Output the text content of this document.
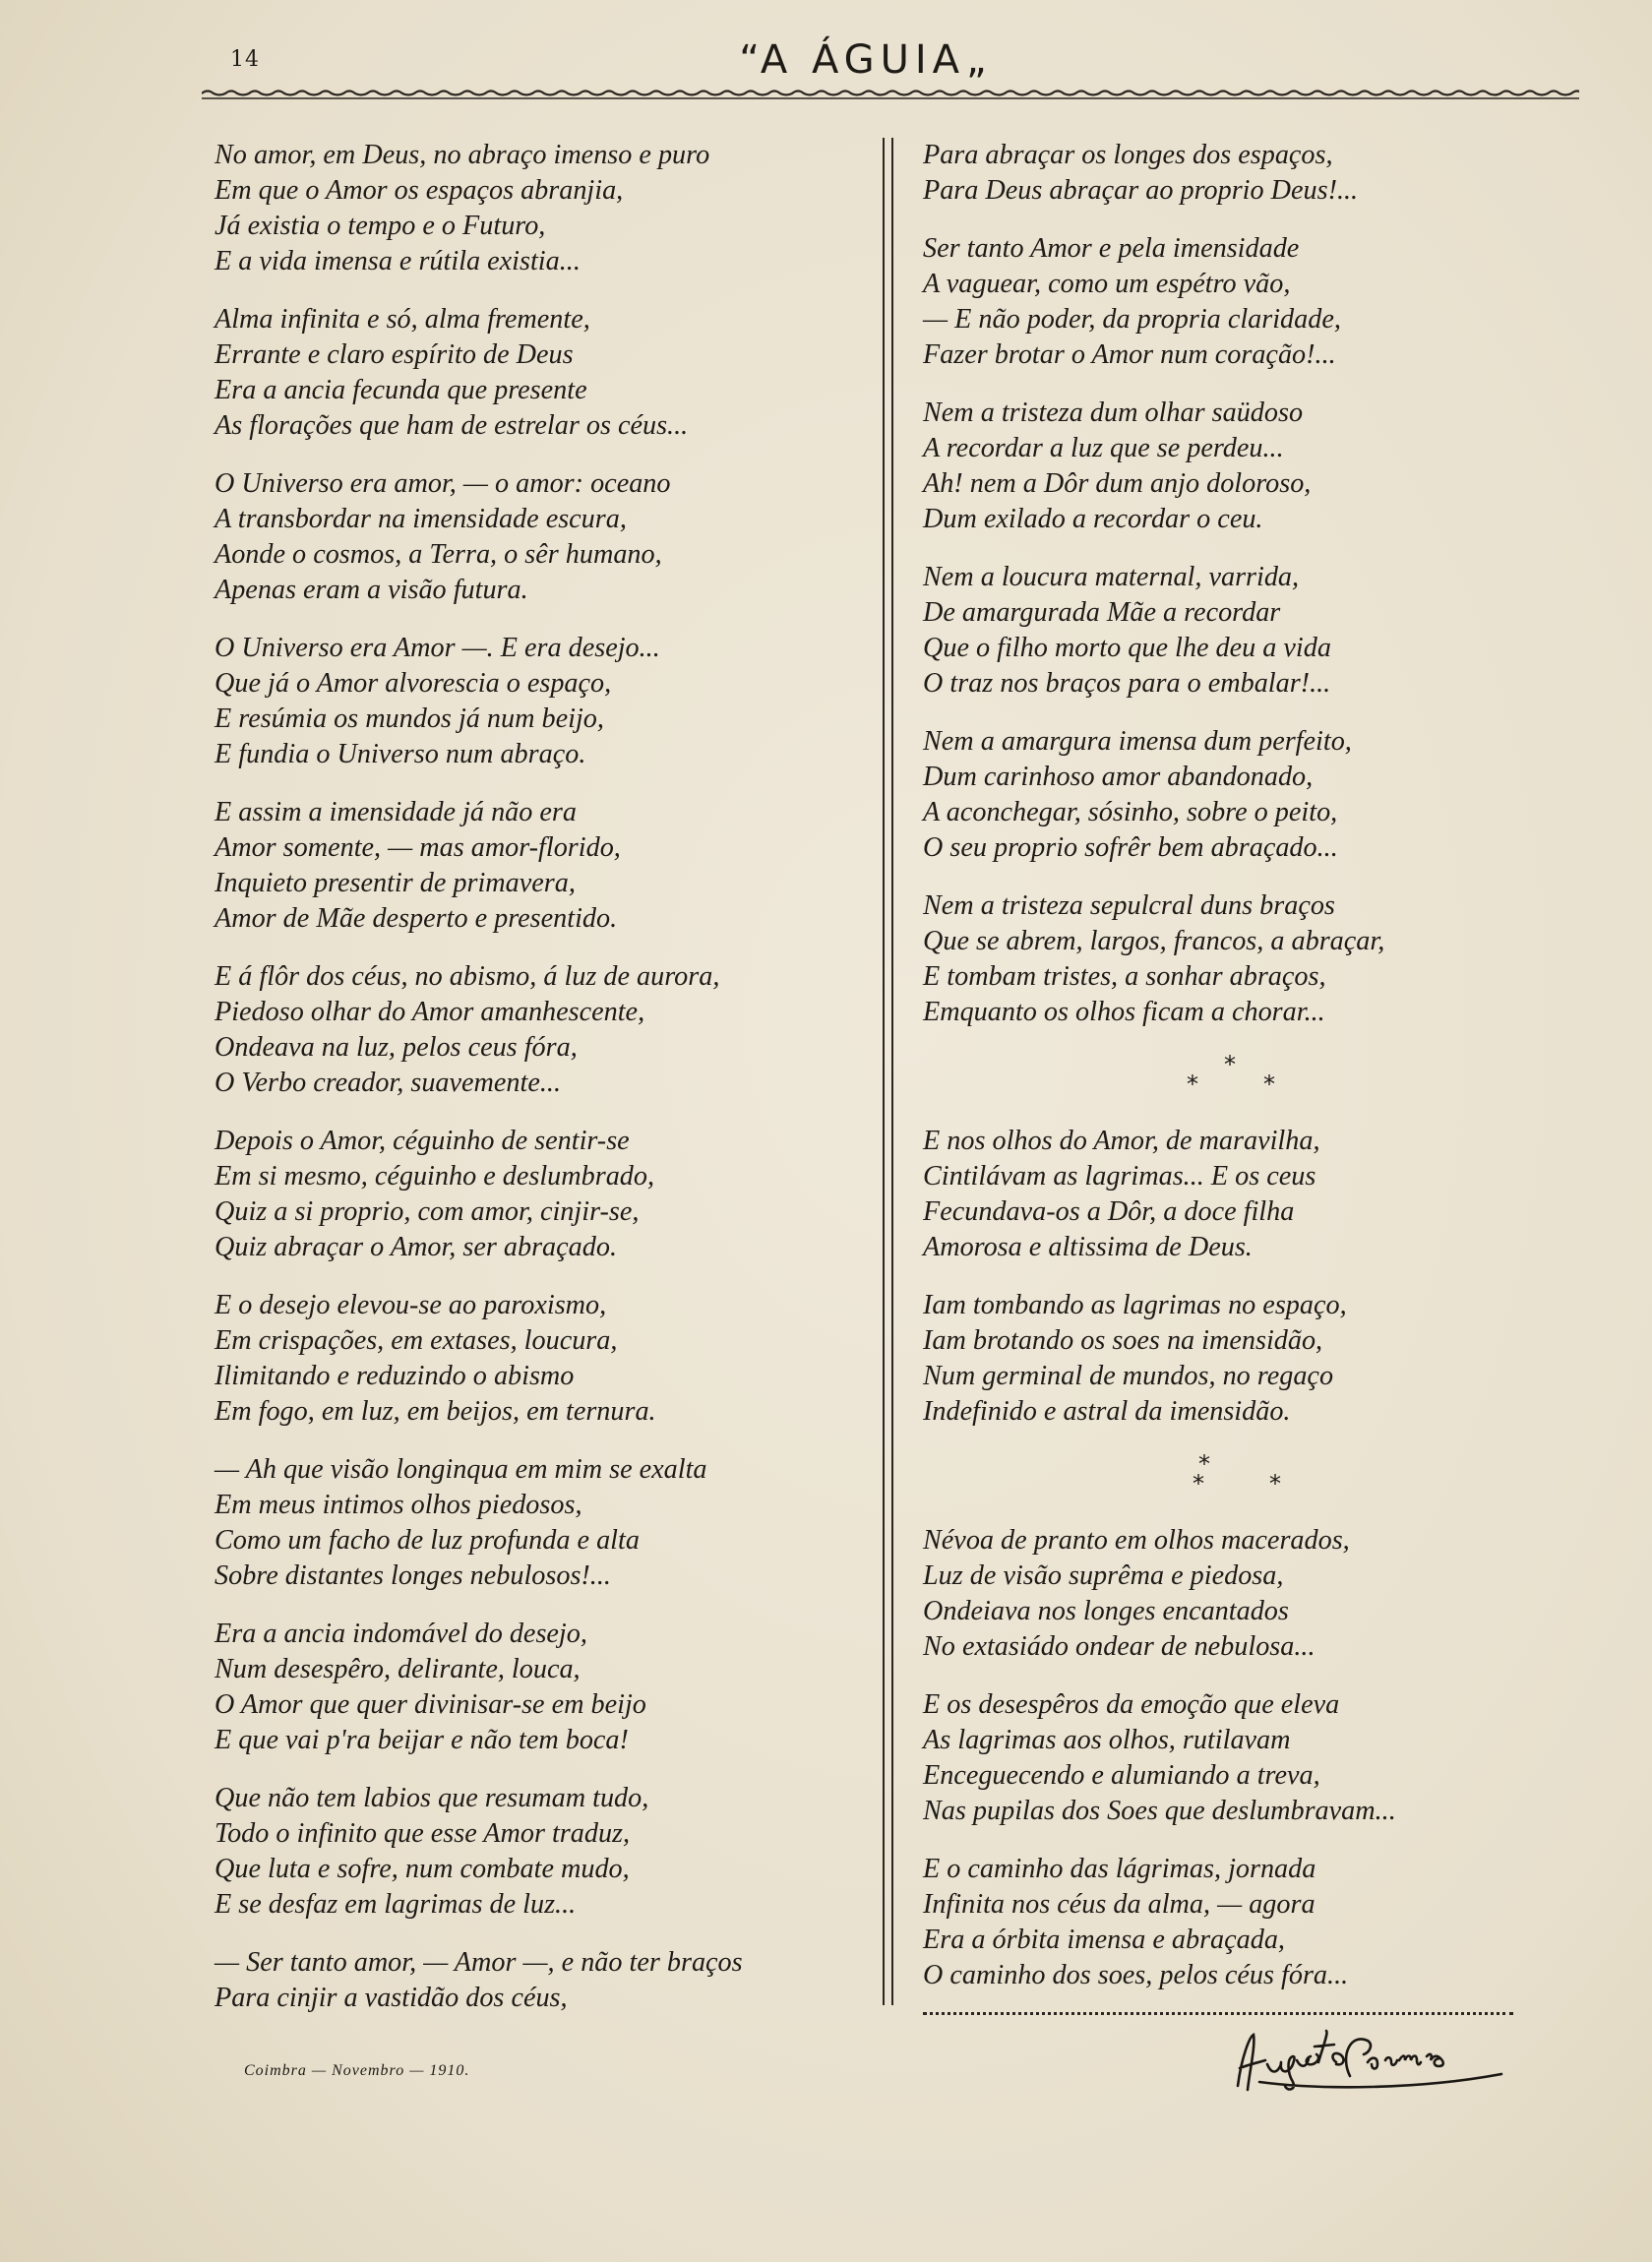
14	“A ÁGUIA„
No amor, em Deus, no abraço imenso e puro
Em que o Amor os espaços abranjia,
Já existia o tempo e o Futuro,
E a vida imensa e rútila existia...
Alma infinita e só, alma fremente,
Errante e claro espírito de Deus
Era a ancia fecunda que presente
As florações que ham de estrelar os céus...
O Universo era amor, — o amor: oceano
A transbordar na imensidade escura,
Aonde o cosmos, a Terra, o sêr humano,
Apenas eram a visão futura.
O Universo era Amor —. E era desejo...
Que já o Amor alvorescia o espaço,
E resúmia os mundos já num beijo,
E fundia o Universo num abraço.
E assim a imensidade já não era
Amor somente, — mas amor-florido,
Inquieto presentir de primavera,
Amor de Mãe desperto e presentido.
E á flôr dos céus, no abismo, á luz de aurora,
Piedoso olhar do Amor amanhescente,
Ondeava na luz, pelos ceus fóra,
O Verbo creador, suavemente...
Depois o Amor, céguinho de sentir-se
Em si mesmo, céguinho e deslumbrado,
Quiz a si proprio, com amor, cinjir-se,
Quiz abraçar o Amor, ser abraçado.
E o desejo elevou-se ao paroxismo,
Em crispações, em extases, loucura,
Ilimitando e reduzindo o abismo
Em fogo, em luz, em beijos, em ternura.
— Ah que visão longinqua em mim se exalta
Em meus intimos olhos piedosos,
Como um facho de luz profunda e alta
Sobre distantes longes nebulosos!...
Era a ancia indomável do desejo,
Num desespêro, delirante, louca,
O Amor que quer divinisar-se em beijo
E que vai p'ra beijar e não tem boca!
Que não tem labios que resumam tudo,
Todo o infinito que esse Amor traduz,
Que luta e sofre, num combate mudo,
E se desfaz em lagrimas de luz...
— Ser tanto amor, — Amor —, e não ter braços
Para cinjir a vastidão dos céus,
Para abraçar os longes dos espaços,
Para Deus abraçar ao proprio Deus!...
Ser tanto Amor e pela imensidade
A vaguear, como um espétro vão,
— E não poder, da propria claridade,
Fazer brotar o Amor num coração!...
Nem a tristeza dum olhar saüdoso
A recordar a luz que se perdeu...
Ah! nem a Dôr dum anjo doloroso,
Dum exilado a recordar o ceu.
Nem a loucura maternal, varrida,
De amargurada Mãe a recordar
Que o filho morto que lhe deu a vida
O traz nos braços para o embalar!...
Nem a amargura imensa dum perfeito,
Dum carinhoso amor abandonado,
A aconchegar, sósinho, sobre o peito,
O seu proprio sofrêr bem abraçado...
Nem a tristeza sepulcral duns braços
Que se abrem, largos, francos, a abraçar,
E tombam tristes, a sonhar abraços,
Emquanto os olhos ficam a chorar...
*
*	*
E nos olhos do Amor, de maravilha,
Cintilávam as lagrimas... E os ceus
Fecundava-os a Dôr, a doce filha
Amorosa e altissima de Deus.
Iam tombando as lagrimas no espaço,
Iam brotando os soes na imensidão,
Num germinal de mundos, no regaço
Indefinido e astral da imensidão.
*
*	*
Névoa de pranto em olhos macerados,
Luz de visão suprêma e piedosa,
Ondeiava nos longes encantados
No extasiádo ondear de nebulosa...
E os desespêros da emoção que eleva
As lagrimas aos olhos, rutilavam
Enceguecendo e alumiando a treva,
Nas pupilas dos Soes que deslumbravam...
E o caminho das lágrimas, jornada
Infinita nos céus da alma, — agora
Era a órbita imensa e abraçada,
O caminho dos soes, pelos céus fóra...
Coimbra — Novembro — 1910.
